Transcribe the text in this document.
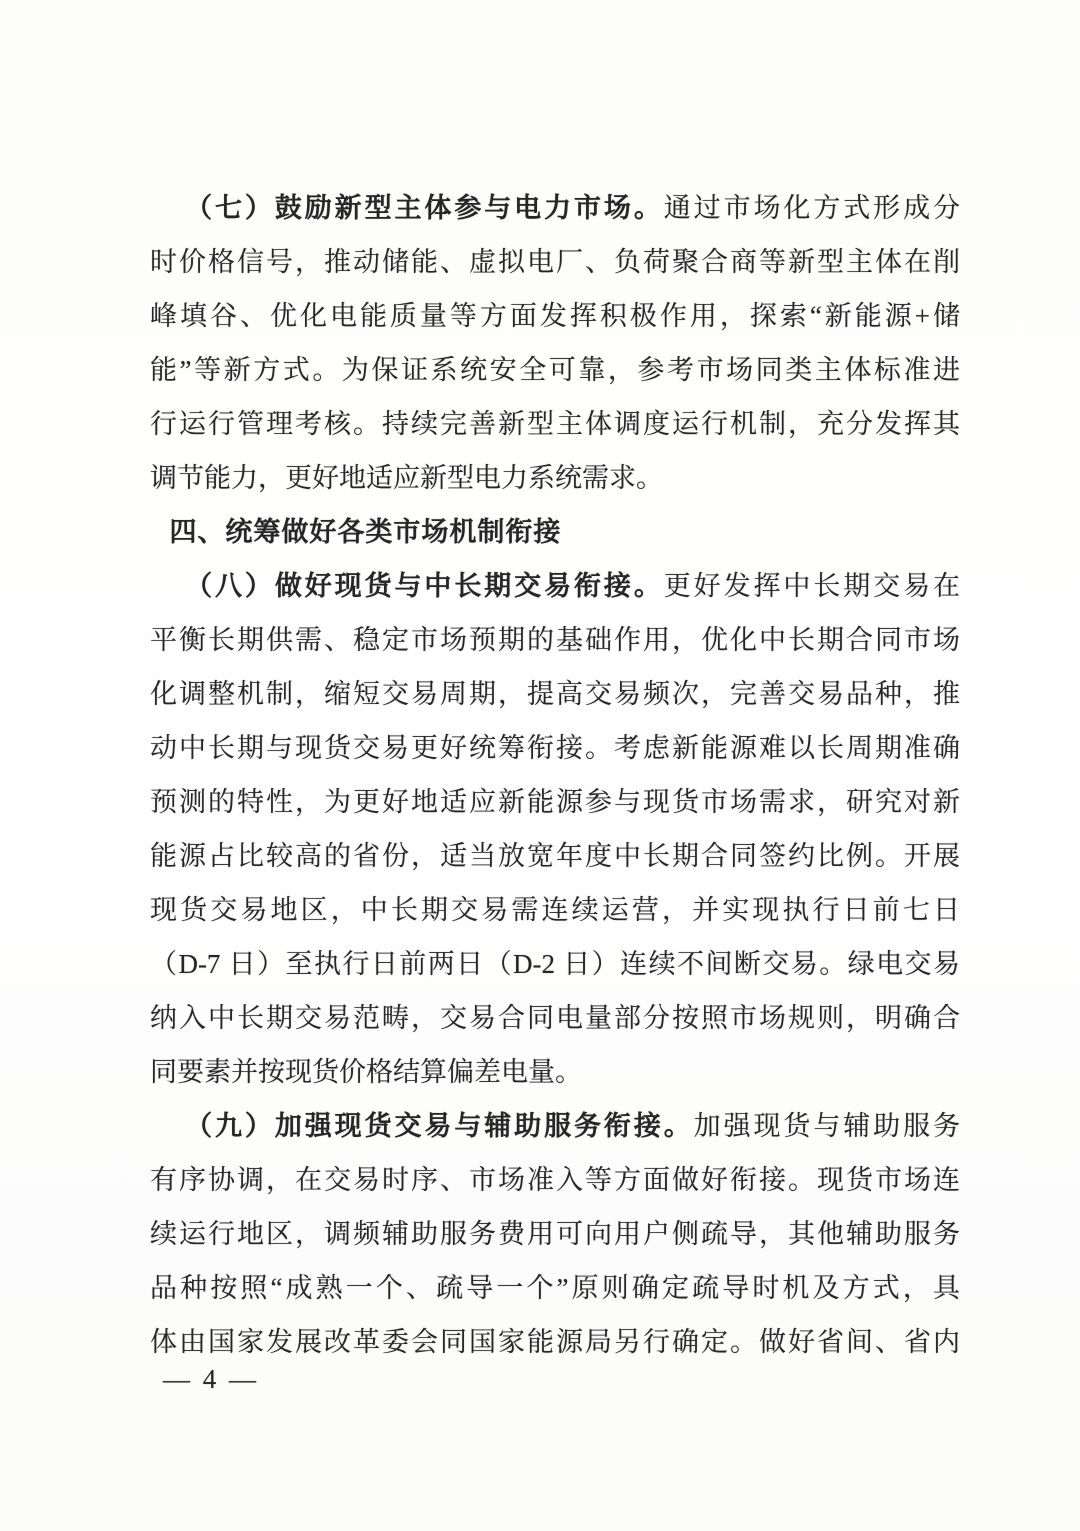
（七）鼓励新型主体参与电力市场。通过市场化方式形成分
时价格信号，推动储能、虚拟电厂、负荷聚合商等新型主体在削
峰填谷、优化电能质量等方面发挥积极作用，探索“新能源+储
能”等新方式。为保证系统安全可靠，参考市场同类主体标准进
行运行管理考核。持续完善新型主体调度运行机制，充分发挥其
调节能力，更好地适应新型电力系统需求。
四、统筹做好各类市场机制衔接
（八）做好现货与中长期交易衔接。更好发挥中长期交易在
平衡长期供需、稳定市场预期的基础作用，优化中长期合同市场
化调整机制，缩短交易周期，提高交易频次，完善交易品种，推
动中长期与现货交易更好统筹衔接。考虑新能源难以长周期准确
预测的特性，为更好地适应新能源参与现货市场需求，研究对新
能源占比较高的省份，适当放宽年度中长期合同签约比例。开展
现货交易地区，中长期交易需连续运营，并实现执行日前七日
（D-7 日）至执行日前两日（D-2 日）连续不间断交易。绿电交易
纳入中长期交易范畴，交易合同电量部分按照市场规则，明确合
同要素并按现货价格结算偏差电量。
（九）加强现货交易与辅助服务衔接。加强现货与辅助服务
有序协调，在交易时序、市场准入等方面做好衔接。现货市场连
续运行地区，调频辅助服务费用可向用户侧疏导，其他辅助服务
品种按照“成熟一个、疏导一个”原则确定疏导时机及方式，具
体由国家发展改革委会同国家能源局另行确定。做好省间、省内
— 4 —
